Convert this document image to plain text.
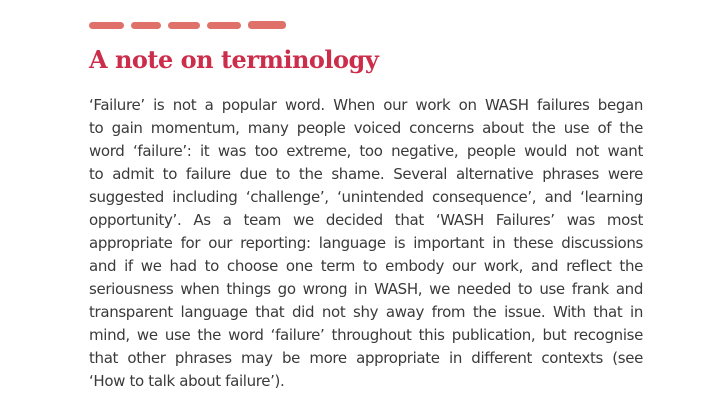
A note on terminology
‘Failure’ is not a popular word. When our work on WASH failures began
to gain momentum, many people voiced concerns about the use of the
word ‘failure’: it was too extreme, too negative, people would not want
to admit to failure due to the shame. Several alternative phrases were
suggested including ‘challenge’, ‘unintended consequence’, and ‘learning
opportunity’. As a team we decided that ‘WASH Failures’ was most
appropriate for our reporting: language is important in these discussions
and if we had to choose one term to embody our work, and reflect the
seriousness when things go wrong in WASH, we needed to use frank and
transparent language that did not shy away from the issue. With that in
mind, we use the word ‘failure’ throughout this publication, but recognise
that other phrases may be more appropriate in different contexts (see
‘How to talk about failure’).
